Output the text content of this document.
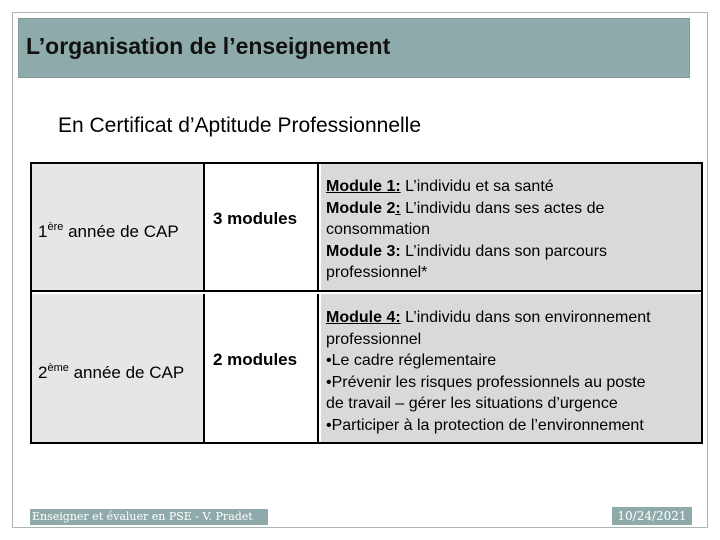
L’organisation de l’enseignement
En Certificat d’Aptitude Professionnelle
1ère année de CAP
3 modules
Module 1: L’individu et sa santé
Module 2: L’individu dans ses actes de
consommation
Module 3: L’individu dans son parcours
professionnel*
2ème année de CAP
2 modules
Module 4: L’individu dans son environnement
professionnel
•Le cadre réglementaire
•Prévenir les risques professionnels au poste
de travail – gérer les situations d’urgence
•Participer à la protection de l’environnement
Enseigner et évaluer en PSE - V. Pradet	10/24/2021
